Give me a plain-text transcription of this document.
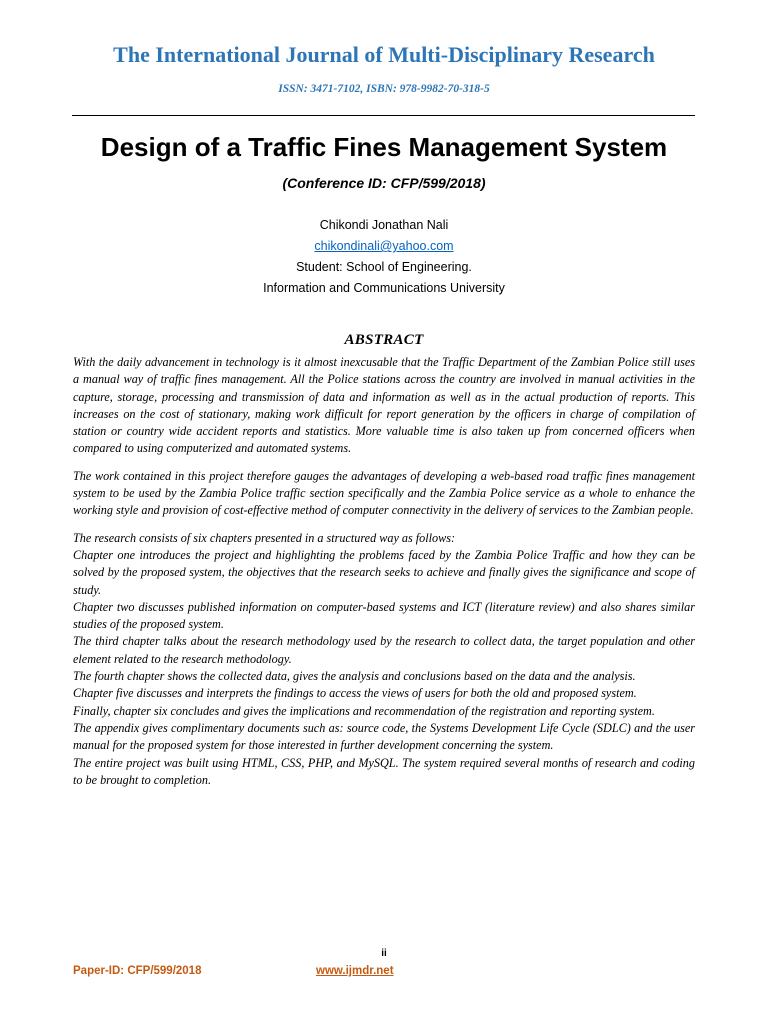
The International Journal of Multi-Disciplinary Research
ISSN: 3471-7102, ISBN: 978-9982-70-318-5
Design of a Traffic Fines Management System
(Conference ID: CFP/599/2018)
Chikondi Jonathan Nali
chikondinali@yahoo.com
Student: School of Engineering.
Information and Communications University
ABSTRACT

With the daily advancement in technology is it almost inexcusable that the Traffic Department of the Zambian Police still uses a manual way of traffic fines management. All the Police stations across the country are involved in manual activities in the capture, storage, processing and transmission of data and information as well as in the actual production of reports. This increases on the cost of stationary, making work difficult for report generation by the officers in charge of compilation of station or country wide accident reports and statistics. More valuable time is also taken up from concerned officers when compared to using computerized and automated systems.

The work contained in this project therefore gauges the advantages of developing a web-based road traffic fines management system to be used by the Zambia Police traffic section specifically and the Zambia Police service as a whole to enhance the working style and provision of cost-effective method of computer connectivity in the delivery of services to the Zambian people.

The research consists of six chapters presented in a structured way as follows:

Chapter one introduces the project and highlighting the problems faced by the Zambia Police Traffic and how they can be solved by the proposed system, the objectives that the research seeks to achieve and finally gives the significance and scope of study.

Chapter two discusses published information on computer-based systems and ICT (literature review) and also shares similar studies of the proposed system.

The third chapter talks about the research methodology used by the research to collect data, the target population and other element related to the research methodology.

The fourth chapter shows the collected data, gives the analysis and conclusions based on the data and the analysis.

Chapter five discusses and interprets the findings to access the views of users for both the old and proposed system.

Finally, chapter six concludes and gives the implications and recommendation of the registration and reporting system.

The appendix gives complimentary documents such as: source code, the Systems Development Life Cycle (SDLC) and the user manual for the proposed system for those interested in further development concerning the system.

The entire project was built using HTML, CSS, PHP, and MySQL. The system required several months of research and coding to be brought to completion.

ii
Paper-ID: CFP/599/2018	www.ijmdr.net
